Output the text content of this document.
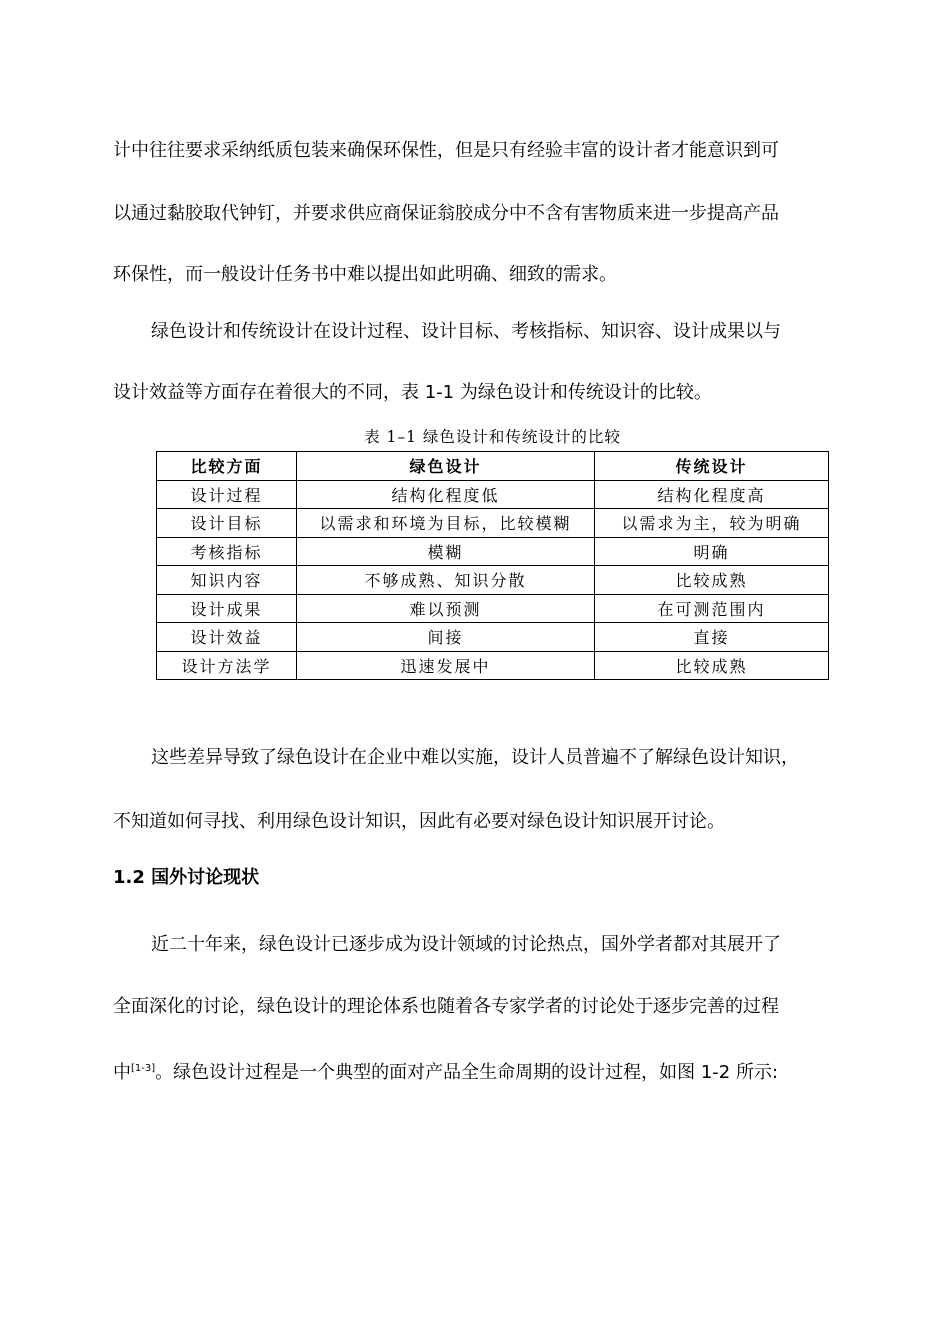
计中往往要求采纳纸质包装来确保环保性，但是只有经验丰富的设计者才能意识到可
以通过黏胶取代钟钉，并要求供应商保证翁胶成分中不含有害物质来进一步提高产品
环保性，而一般设计任务书中难以提出如此明确、细致的需求。
绿色设计和传统设计在设计过程、设计目标、考核指标、知识容、设计成果以与
设计效益等方面存在着很大的不同，表 1-1 为绿色设计和传统设计的比较。
表 1–1 绿色设计和传统设计的比较
比较方面	绿色设计	传统设计
设计过程	结构化程度低	结构化程度高
设计目标	以需求和环境为目标，比较模糊	以需求为主，较为明确
考核指标	模糊	明确
知识内容	不够成熟、知识分散	比较成熟
设计成果	难以预测	在可测范围内
设计效益	间接	直接
设计方法学	迅速发展中	比较成熟
这些差异导致了绿色设计在企业中难以实施，设计人员普遍不了解绿色设计知识，
不知道如何寻找、利用绿色设计知识，因此有必要对绿色设计知识展开讨论。
1.2 国外讨论现状
近二十年来，绿色设计已逐步成为设计领域的讨论热点，国外学者都对其展开了
全面深化的讨论，绿色设计的理论体系也随着各专家学者的讨论处于逐步完善的过程
中[1-3]。绿色设计过程是一个典型的面对产品全生命周期的设计过程，如图 1-2 所示:
